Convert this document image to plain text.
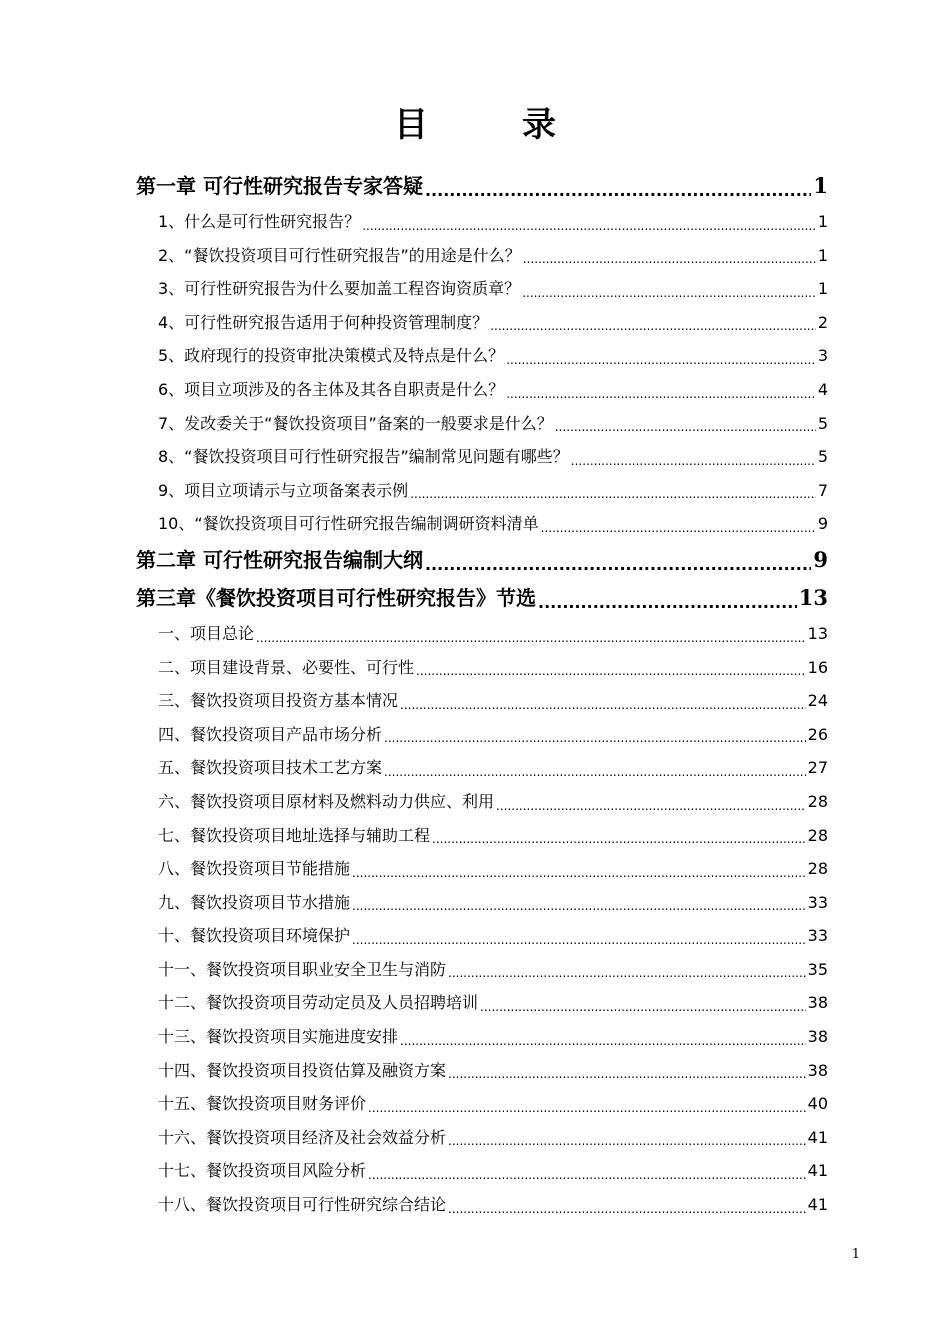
目　录
第一章 可行性研究报告专家答疑 .....	1
1、什么是可行性研究报告？ .....	1
2、“餐饮投资项目可行性研究报告”的用途是什么？ .....	1
3、可行性研究报告为什么要加盖工程咨询资质章？ .....	1
4、可行性研究报告适用于何种投资管理制度？ .....	2
5、政府现行的投资审批决策模式及特点是什么？ .....	3
6、项目立项涉及的各主体及其各自职责是什么？ .....	4
7、发改委关于“餐饮投资项目”备案的一般要求是什么？ .....	5
8、“餐饮投资项目可行性研究报告”编制常见问题有哪些？ .....	5
9、项目立项请示与立项备案表示例 .....	7
10、“餐饮投资项目可行性研究报告编制调研资料清单 .....	9
第二章 可行性研究报告编制大纲 .....	9
第三章《餐饮投资项目可行性研究报告》节选 .....	13
一、项目总论 .....	13
二、项目建设背景、必要性、可行性 .....	16
三、餐饮投资项目投资方基本情况 .....	24
四、餐饮投资项目产品市场分析 .....	26
五、餐饮投资项目技术工艺方案 .....	27
六、餐饮投资项目原材料及燃料动力供应、利用 .....	28
七、餐饮投资项目地址选择与辅助工程 .....	28
八、餐饮投资项目节能措施 .....	28
九、餐饮投资项目节水措施 .....	33
十、餐饮投资项目环境保护 .....	33
十一、餐饮投资项目职业安全卫生与消防 .....	35
十二、餐饮投资项目劳动定员及人员招聘培训 .....	38
十三、餐饮投资项目实施进度安排 .....	38
十四、餐饮投资项目投资估算及融资方案 .....	38
十五、餐饮投资项目财务评价 .....	40
十六、餐饮投资项目经济及社会效益分析 .....	41
十七、餐饮投资项目风险分析 .....	41
十八、餐饮投资项目可行性研究综合结论 .....	41
1
